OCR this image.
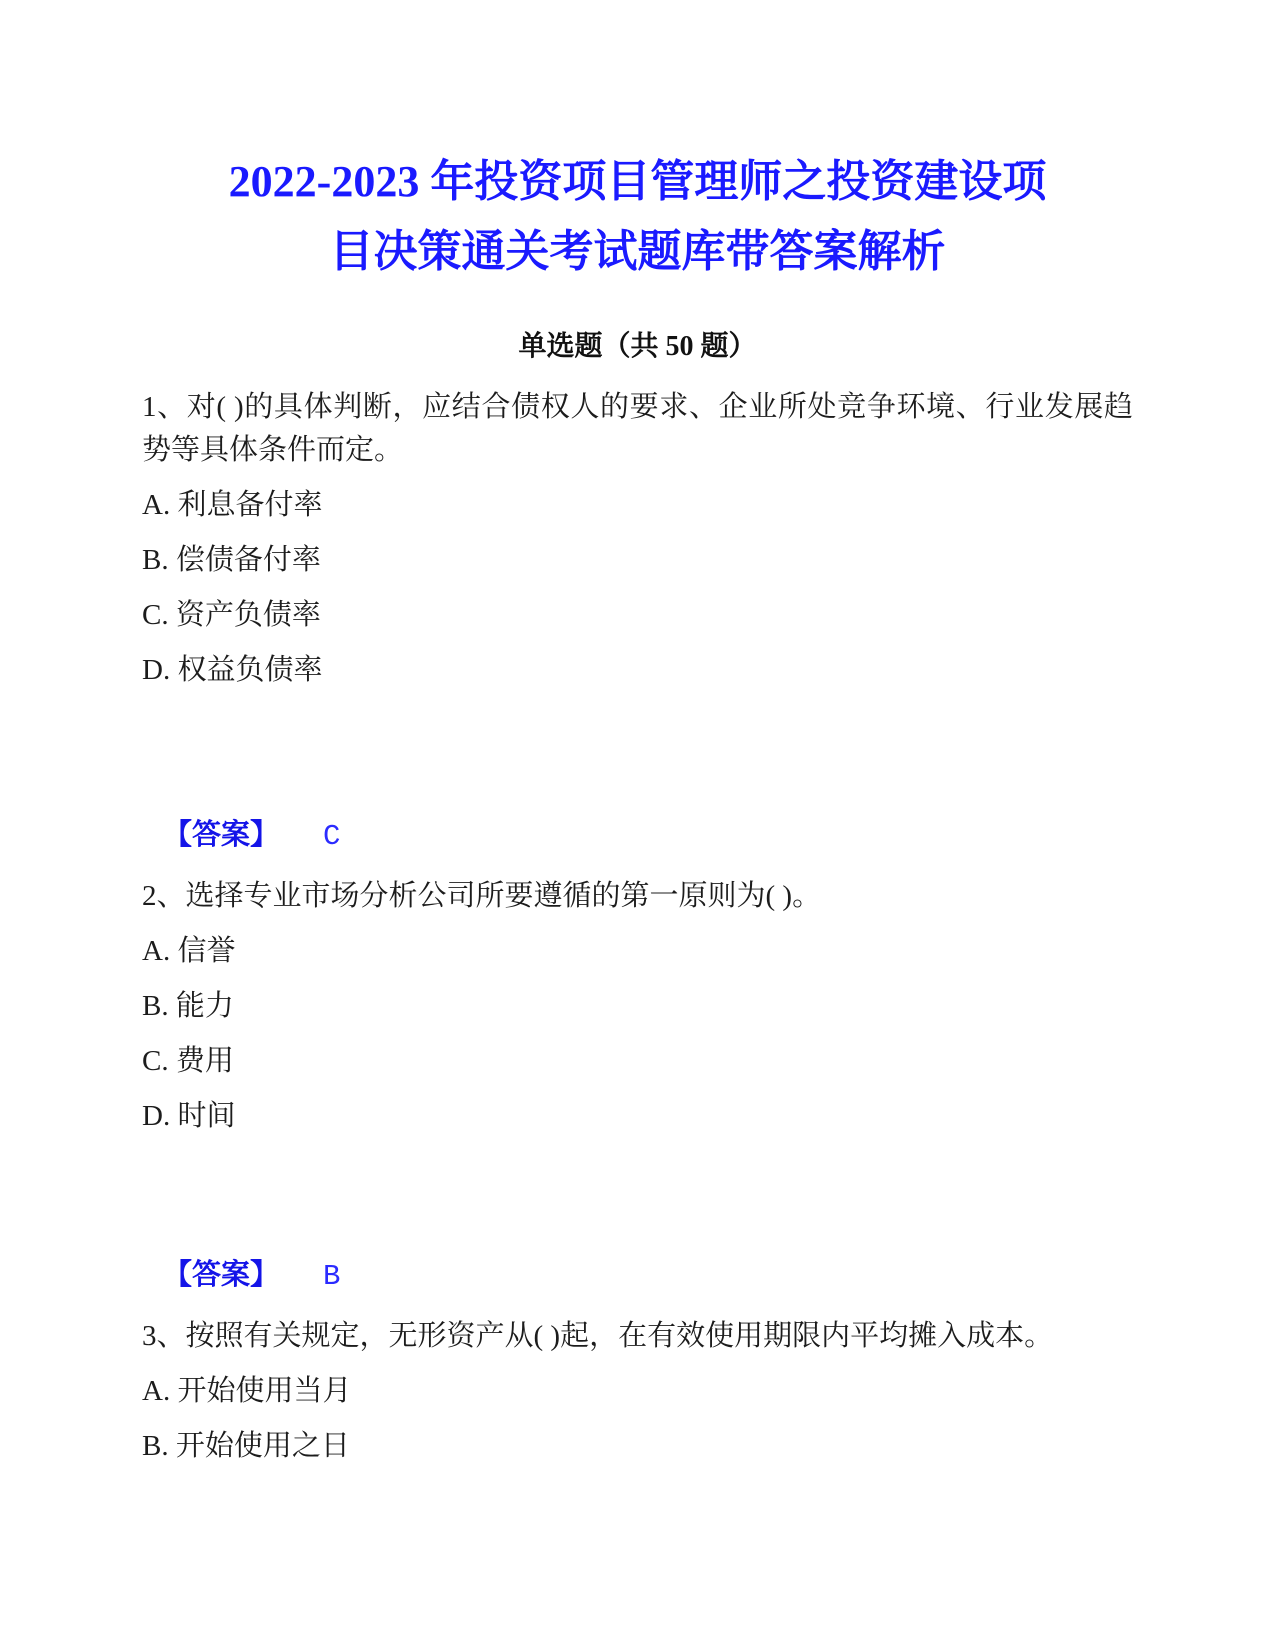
2022-2023 年投资项目管理师之投资建设项
目决策通关考试题库带答案解析
单选题（共 50 题）
1、对( )的具体判断，应结合债权人的要求、企业所处竞争环境、行业发展趋势等具体条件而定。
A. 利息备付率
B. 偿债备付率
C. 资产负债率
D. 权益负债率
【答案】 C
2、选择专业市场分析公司所要遵循的第一原则为( )。
A. 信誉
B. 能力
C. 费用
D. 时间
【答案】 B
3、按照有关规定，无形资产从( )起，在有效使用期限内平均摊入成本。
A. 开始使用当月
B. 开始使用之日
